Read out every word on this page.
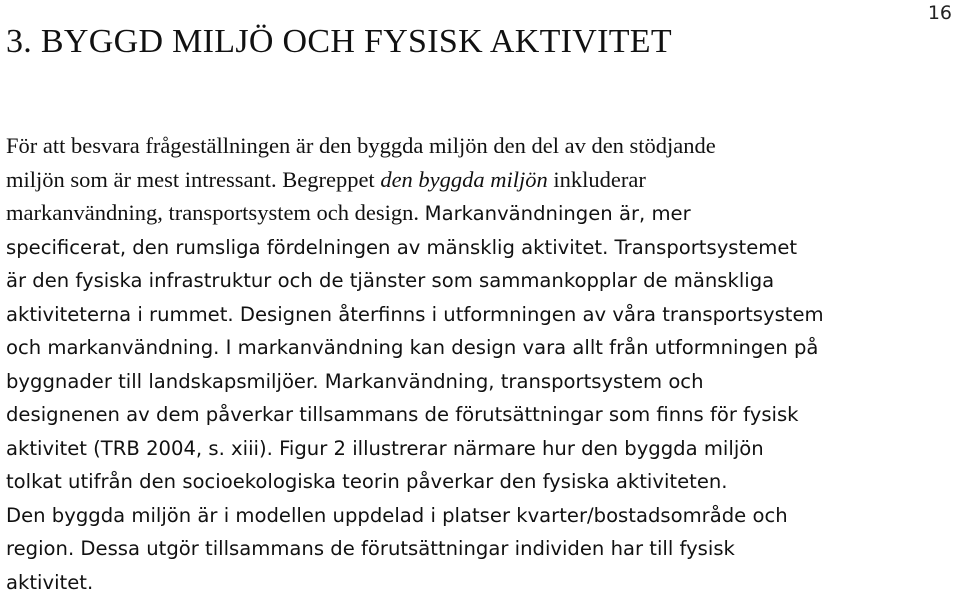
16
3. BYGGD MILJÖ OCH FYSISK AKTIVITET
För att besvara frågeställningen är den byggda miljön den del av den stödjande
miljön som är mest intressant. Begreppet den byggda miljön inkluderar
markanvändning, transportsystem och design. Markanvändningen är, mer
specificerat, den rumsliga fördelningen av mänsklig aktivitet. Transportsystemet
är den fysiska infrastruktur och de tjänster som sammankopplar de mänskliga
aktiviteterna i rummet. Designen återfinns i utformningen av våra transportsystem
och markanvändning. I markanvändning kan design vara allt från utformningen på
byggnader till landskapsmiljöer. Markanvändning, transportsystem och
designenen av dem påverkar tillsammans de förutsättningar som finns för fysisk
aktivitet (TRB 2004, s. xiii). Figur 2 illustrerar närmare hur den byggda miljön
tolkat utifrån den socioekologiska teorin påverkar den fysiska aktiviteten.
Den byggda miljön är i modellen uppdelad i platser kvarter/bostadsområde och
region. Dessa utgör tillsammans de förutsättningar individen har till fysisk
aktivitet.
